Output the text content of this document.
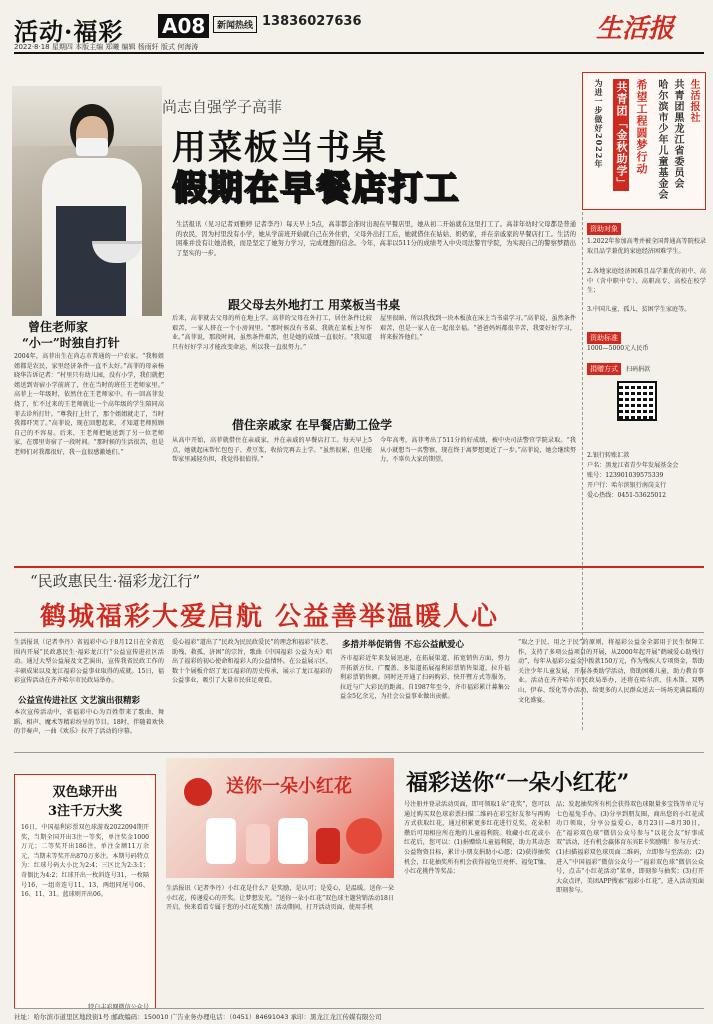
活动·福彩 A08	新闻热线 13836027636	生活报
2022·8·18 星期四 本版主编 郑曦 编辑 杨雨轩 版式 何海涛
生活报社
共青团黑龙江省委员会
哈尔滨市少年儿童基金会
希望工程圆梦行动
共青团「金秋助学」
为进一步做好2022年
尚志自强学子高菲
用菜板当书桌
假期在早餐店打工
生活报讯（见习记者刘雅婷 记者李丹）每天早上5点，高菲都会准时出现在早餐店里，她从初二开始就在这里打工了。高菲年幼时父母都是普通的农民，因为村里没有小学，她从学前班开始就自己在外住宿，父母外出打工后，她就借住在姑姑、奶奶家，并在亲戚家的早餐店打工。生活的困难并没有让她消极，而是坚定了她努力学习，完成理想的信念。今年，高菲以511分的成绩考入中央司法警官学院，为实现自己的警察梦踏出了坚实的一步。
曾住老师家
“小一”时独自打针
2004年，高菲出生在尚志市普通的一户农家。“我和姐姐都是农民，家里经济条件一直不太好。”高菲的母亲杨晓华告诉记者：“村里只有幼儿园，没有小学，我们就把姐送到寄宿小学前班了，住在当时的班任王老师家里。” 高菲上一年级时，依然住在王老师家中。有一回高菲发烧了，忙不过来的王老师就让一个高年级的学生陪同高菲去诊所打针。“尊我打上针了，那个姐姐就走了，当时我都吓哭了。”高菲说，现在回想起来，才知道老师照顾自己的不容易。后来，王老师把她送到了另一位老师家，在那里寄宿了一段时间。“那时候的生活很苦，但是老师们对我都很好，我一直很感激她们。”
跟父母去外地打工 用菜板当书桌
后来，高菲就去父母的所在地上学。高菲的父母在外打工，居住条件比较艰苦，一家人挤在一个小房间里。“那时候没有书桌，我就在菜板上写作业。”高菲说，那段时间，虽然条件艰苦，但是她的成绩一直很好。“我知道只有好好学习才能改变命运，所以我一直很努力。”
屋里很暗，所以我找到一块木板放在床上当书桌学习。”高菲说，虽然条件艰苦，但是一家人在一起很幸福。“爸爸妈妈都很辛苦，我要好好学习，将来报答他们。”
借住亲戚家 在早餐店勤工俭学
从高中开始，高菲就借住在亲戚家，并在亲戚的早餐店打工。每天早上5点，她就起床帮忙包包子、煮豆浆，收拾完再去上学。“虽然很累，但是能帮家里减轻负担，我觉得很值得。”
今年高考，高菲考出了511分的好成绩，被中央司法警官学院录取。“我从小就想当一名警察，现在终于离梦想更近了一步。”高菲说，她会继续努力，不辜负大家的期望。
资助对象
1.2022年参加高考并被全国普通高等院校录取且品学兼优的家庭经济困难学生。
2.各地家庭经济困难且品学兼优的初中、高中（含中职中专）、高职高专、高校在校学生；
3.中国儿童、孤儿、贫困学生家庭等。
资助标准
1000—5000元人民币
捐赠方式 扫码捐款
2.银行转账汇款
户名：黑龙江省青少年发展基金会
账号：123901039575339
开户行：哈尔滨银行南岗支行
爱心热线：0451-53625012
“民政惠民生·福彩龙江行”
鹤城福彩大爱启航 公益善举温暖人心
生活报讯（记者李丹）省福彩中心于8月12日在全省范围内开展“民政惠民生·福彩龙江行”公益宣传进社区活动。通过大型公益展及文艺演出，宣传我省民政工作的丰硕成果以及龙江福彩公益事业取得的成就。15日，福彩宣传活动在齐齐哈尔市民政局举办。
公益宣传进社区 文艺演出很精彩
本次宣传活动中，省福彩中心为百姓带来了歌曲、舞蹈、相声、魔术等精彩纷呈的节目。18时，伴随着欢快的节奏声，一曲《欢乐》拉开了活动的序幕。
爱心福彩”道出了“民政为民民政爱民”的理念和福彩“扶老、助残、救孤、济困”的宗旨，歌曲《中国福彩 公益为天》唱出了福彩的初心使命和福彩人的公益情怀。在公益展示区，数十个展板介绍了龙江福彩的历史传承，展示了龙江福彩的公益事业，吸引了大量市民驻足观看。
多措并举促销售 不忘公益献爱心
齐市福彩近年来发展迅速，在拓展渠道、拓宽销售方面，努力开拓新方位、广覆盖、多渠道拓展福利彩票销售渠道，拉升福利彩票销售额。同时还开通了扫码购彩、快开暨方式等服务，拉近与广大彩民的距离。自1987年至今，齐市福彩累计募集公益金5亿余元，为社会公益事业做出贡献。
“取之于民、用之于民”的原则，将福彩公益金全部用于民生保障工作，支持了多项公益项目的开展，从2000年起开展“鹤城爱心助残行动”，每年从福彩公益金中拨款150万元，作为残疾人专项资金，帮助关注少年儿童发展，开展各类助学活动，资助困难儿童，助力教育事业。活动在齐齐哈尔市民政局举办，还将在哈尔滨、佳木斯、双鸭山、伊春、绥化等办活动，给更多的人民群众送去一场场充满温暖的文化盛宴。
双色球开出
3注千万大奖
16日，中国福利彩票双色球游戏2022094期开奖，当期全国开出3注一等奖，单注奖金1000万元；二等奖开出186注，单注金额11万余元，当期末等奖开出870万多注。本期号码特点为：红球号码大小比为2:4；三区比为2:3:1；奇偶比为4:2；红球开出一枚斜连号31，一枚隔号16，一组奇连号11、13，两组同尾号06、16、11、31。蓝球则开出06。
特白丰彩网微信公众号
送你一朵小红花 福彩送你“一朵小红花”
生活报讯（记者李丹）小红花是什么？是奖励，是认可；是爱心，是温暖。送你一朵小红花，传递爱心的开奖。让梦想发光。“送你一朵小红花”双色球主题营销活动18日开启，快来看看专属于您的小红花奖励！活动期间，打开活动页面，使用手机
号注册并登录活动页面，即可领取1朵“花奖”，您可以通过购买双色球彩票扫描二维码在彩宝好友参与再购方式获取红花，通过积累更多红花进行兑奖，花朵积攒后可用相应所在地的儿童福利院。收藏小红花或小红花后，您可以：(1)捐赠给儿童福利院，助力其动态公益物资目标，累计小朋友捐助小心愿；(2)获得抽奖机会，红花抽奖所有机会获得福兔豆亮杯、福兔T恤、小红花挑件等奖品；
品；发起抽奖所有机会获得双色球限量多宝钱等单元与七色福兔手办。(3)分享到朋友圈，商出您的小红花成功口领取，分享公益爱心，8月23日—8月30日，在“福彩双色球”微信公众号参与“以花会友”好事成双”活动，还有机会赢体育东宾E卡奖励哦！参与方式：(1)扫描福彩双色球页面二维码，立即参与至活动；(2)进入“中国福彩”微信公众号一“福彩双色球”微信公众号，点击“小红花活动”菜单，即刻参与抽奖；(3)打开大众点评，美团APP搜索“福彩小红花”，进入活动页面即刻参与。
社址：哈尔滨市道里区地段街1号 邮政编码：150010 广告业务办理电话：（0451）84691043 承印：黑龙江龙江传媒有限公司
